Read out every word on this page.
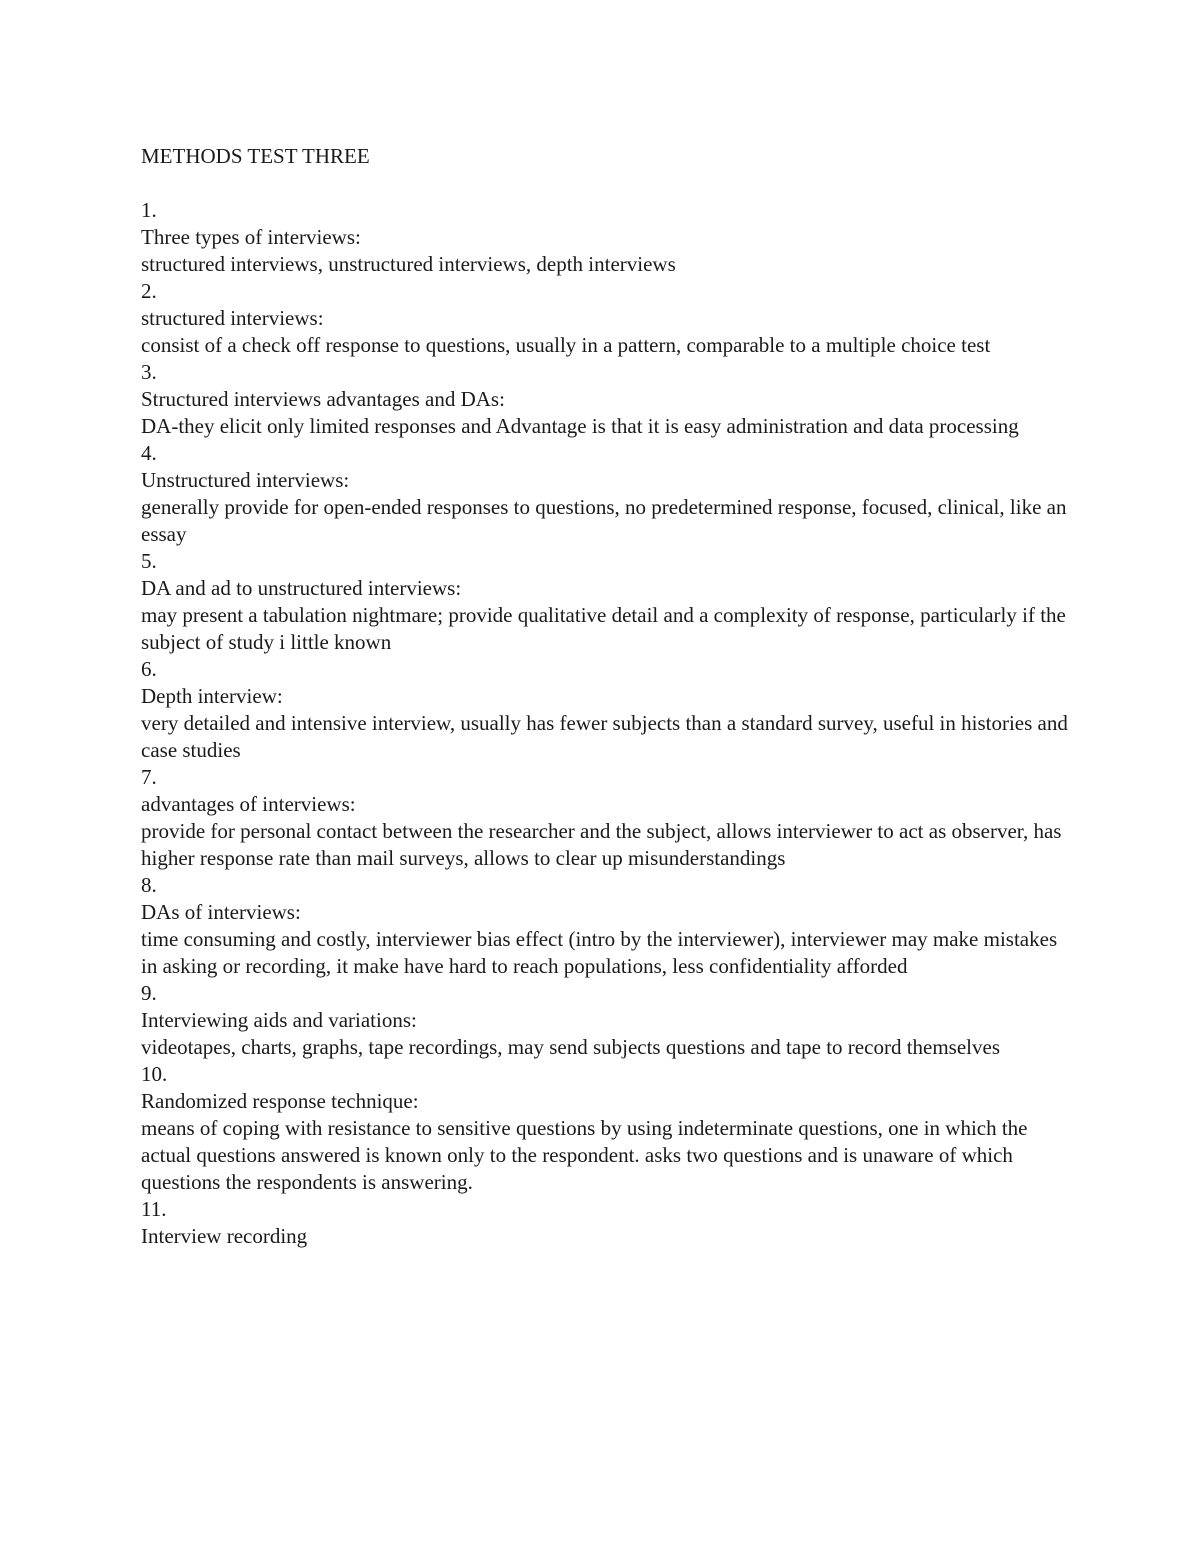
METHODS TEST THREE

1.

Three types of interviews:

structured interviews, unstructured interviews, depth interviews

2.

structured interviews:

consist of a check off response to questions, usually in a pattern, comparable to a multiple choice test

3.

Structured interviews advantages and DAs:

DA-they elicit only limited responses and Advantage is that it is easy administration and data processing

4.

Unstructured interviews:

generally provide for open-ended responses to questions, no predetermined response, focused, clinical, like an essay

5.

DA and ad to unstructured interviews:

may present a tabulation nightmare; provide qualitative detail and a complexity of response, particularly if the subject of study i little known

6.

Depth interview:

very detailed and intensive interview, usually has fewer subjects than a standard survey, useful in histories and case studies

7.

advantages of interviews:

provide for personal contact between the researcher and the subject, allows interviewer to act as observer, has higher response rate than mail surveys, allows to clear up misunderstandings

8.

DAs of interviews:

time consuming and costly, interviewer bias effect (intro by the interviewer), interviewer may make mistakes in asking or recording, it make have hard to reach populations, less confidentiality afforded

9.

Interviewing aids and variations:

videotapes, charts, graphs, tape recordings, may send subjects questions and tape to record themselves

10.

Randomized response technique:

means of coping with resistance to sensitive questions by using indeterminate questions, one in which the actual questions answered is known only to the respondent. asks two questions and is unaware of which questions the respondents is answering.

11.

Interview recording
